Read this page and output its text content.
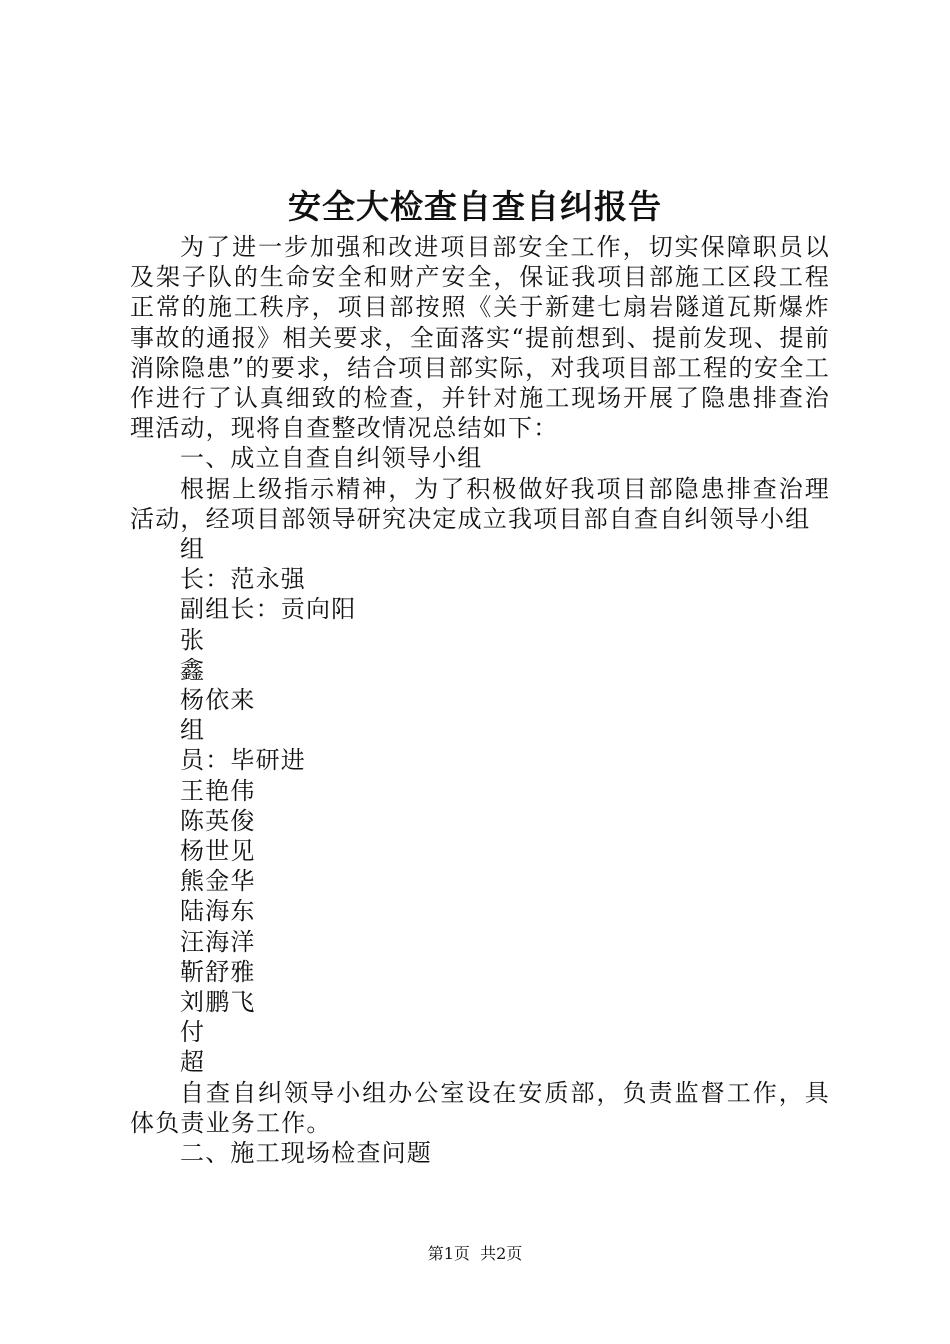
安全大检查自查自纠报告

为了进一步加强和改进项目部安全工作，切实保障职员以及架子队的生命安全和财产安全，保证我项目部施工区段工程正常的施工秩序，项目部按照《关于新建七扇岩隧道瓦斯爆炸事故的通报》相关要求，全面落实“提前想到、提前发现、提前消除隐患”的要求，结合项目部实际，对我项目部工程的安全工作进行了认真细致的检查，并针对施工现场开展了隐患排查治理活动，现将自查整改情况总结如下：

一、成立自查自纠领导小组

根据上级指示精神，为了积极做好我项目部隐患排查治理活动，经项目部领导研究决定成立我项目部自查自纠领导小组

组

长：范永强

副组长：贡向阳

张

鑫

杨依来

组

员：毕研进

王艳伟

陈英俊

杨世见

熊金华

陆海东

汪海洋

靳舒雅

刘鹏飞

付

超

自查自纠领导小组办公室设在安质部，负责监督工作，具体负责业务工作。

二、施工现场检查问题

第1页 共2页
